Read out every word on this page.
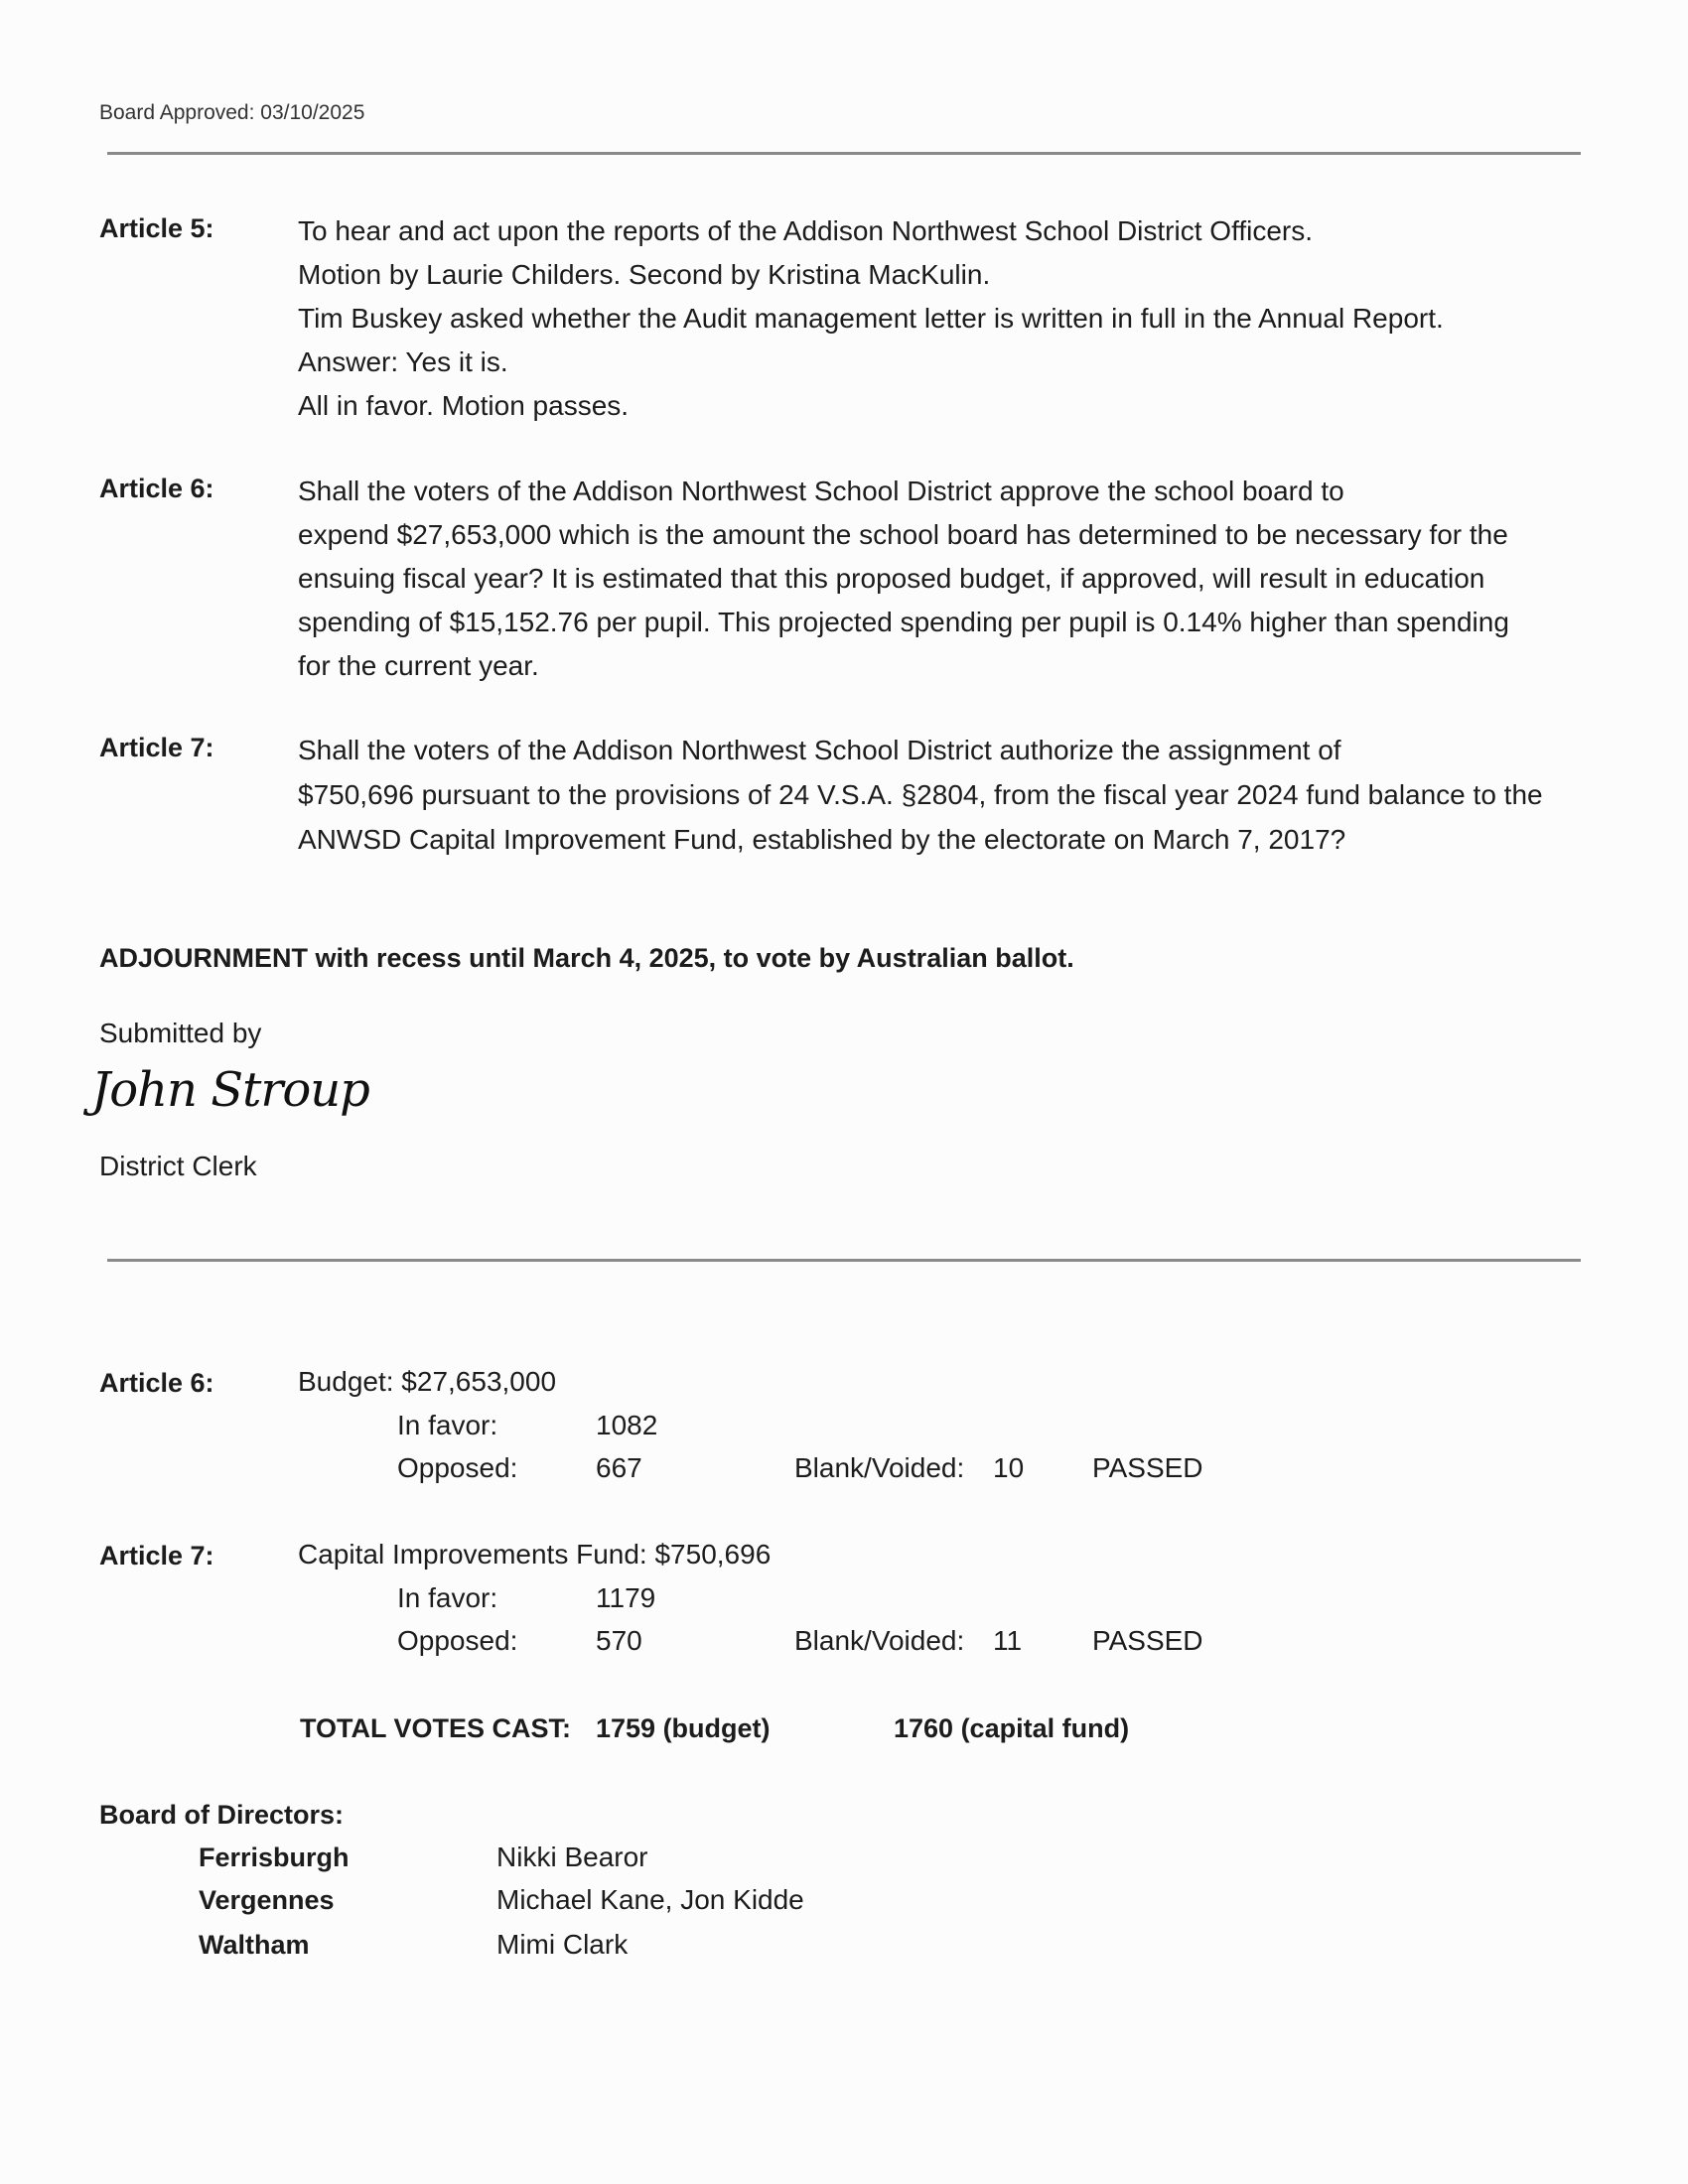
Board Approved: 03/10/2025
Article 5:	To hear and act upon the reports of the Addison Northwest School District Officers.
Motion by Laurie Childers. Second by Kristina MacKulin.
Tim Buskey asked whether the Audit management letter is written in full in the Annual Report.
Answer: Yes it is.
All in favor. Motion passes.
Article 6:	Shall the voters of the Addison Northwest School District approve the school board to
expend $27,653,000 which is the amount the school board has determined to be necessary for the
ensuing fiscal year? It is estimated that this proposed budget, if approved, will result in education
spending of $15,152.76 per pupil. This projected spending per pupil is 0.14% higher than spending
for the current year.
Article 7:	Shall the voters of the Addison Northwest School District authorize the assignment of
$750,696 pursuant to the provisions of 24 V.S.A. §2804, from the fiscal year 2024 fund balance to the
ANWSD Capital Improvement Fund, established by the electorate on March 7, 2017?
ADJOURNMENT with recess until March 4, 2025, to vote by Australian ballot.
Submitted by
John Stroup
District Clerk
Article 6:	Budget: $27,653,000
In favor:	1082
Opposed:	667	Blank/Voided: 10 PASSED
Article 7:	Capital Improvements Fund: $750,696
In favor:	1179
Opposed:	570	Blank/Voided: 11	PASSED
TOTAL VOTES CAST: 1759 (budget)	1760 (capital fund)
Board of Directors:
Ferrisburgh	Nikki Bearor
Vergennes	Michael Kane, Jon Kidde
Waltham	Mimi Clark
